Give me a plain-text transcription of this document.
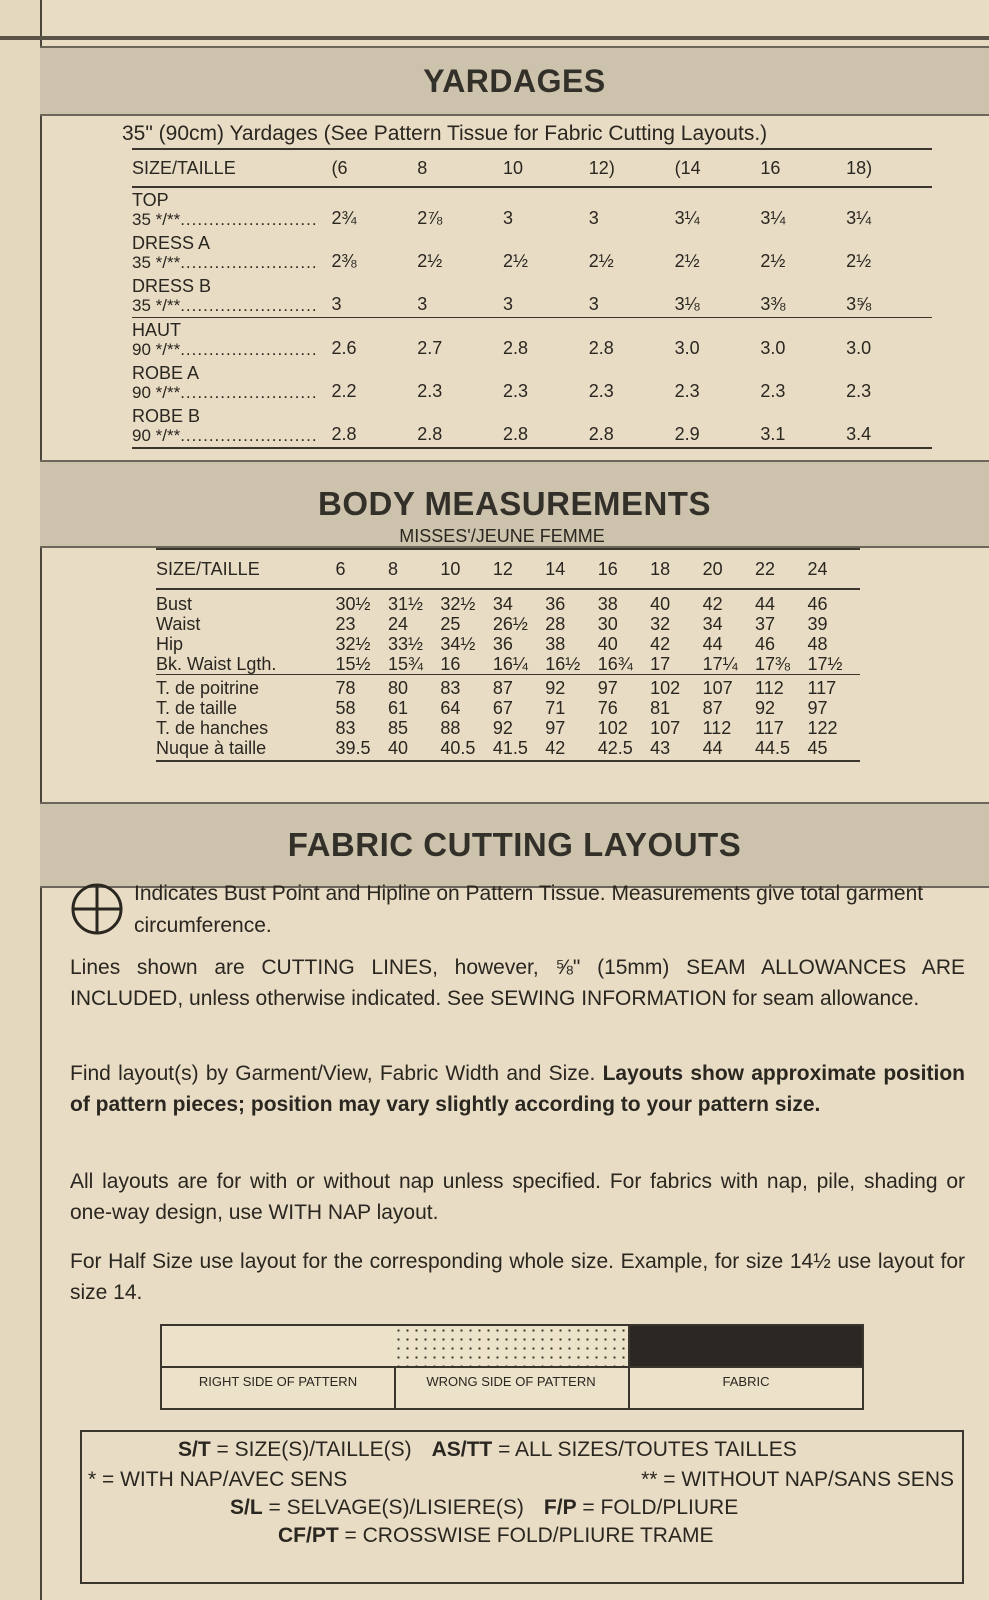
YARDAGES
35" (90cm) Yardages (See Pattern Tissue for Fabric Cutting Layouts.)
SIZE/TAILLE	(6	8	10	12)	(14	16	18)

TOP
35 */**........................	2¾	2⅞	3	3	3¼	3¼	3¼

DRESS A
35 */**........................	2⅜	2½	2½	2½	2½	2½	2½

DRESS B
35 */**........................	3	3	3	3	3⅛	3⅜	3⅝

HAUT
90 */**........................	2.6	2.7	2.8	2.8	3.0	3.0	3.0

ROBE A
90 */**........................	2.2	2.3	2.3	2.3	2.3	2.3	2.3

ROBE B
90 */**........................	2.8	2.8	2.8	2.8	2.9	3.1	3.4
BODY MEASUREMENTS
MISSES'/JEUNE FEMME
SIZE/TAILLE	6	8	10	12	14	16	18	20	22	24
Bust	30½	31½	32½	34	36	38	40	42	44	46
Waist	23	24	25	26½	28	30	32	34	37	39
Hip	32½	33½	34½	36	38	40	42	44	46	48
Bk. Waist Lgth.	15½	15¾	16	16¼	16½	16¾	17	17¼	17⅜	17½
T. de poitrine	78	80	83	87	92	97	102	107	112	117
T. de taille	58	61	64	67	71	76	81	87	92	97
T. de hanches	83	85	88	92	97	102	107	112	117	122
Nuque à taille	39.5	40	40.5	41.5	42	42.5	43	44	44.5	45
FABRIC CUTTING LAYOUTS
Indicates Bust Point and Hipline on Pattern Tissue. Measurements give total garment circumference.
Lines shown are CUTTING LINES, however, ⅝" (15mm) SEAM ALLOWANCES ARE INCLUDED, unless otherwise indicated. See SEWING INFORMATION for seam allowance.
Find layout(s) by Garment/View, Fabric Width and Size. Layouts show approximate position of pattern pieces; position may vary slightly according to your pattern size.
All layouts are for with or without nap unless specified. For fabrics with nap, pile, shading or one-way design, use WITH NAP layout.
For Half Size use layout for the corresponding whole size. Example, for size 14½ use layout for size 14.
RIGHT SIDE OF PATTERN	WRONG SIDE OF PATTERN	FABRIC
S/T = SIZE(S)/TAILLE(S) AS/TT = ALL SIZES/TOUTES TAILLES
* = WITH NAP/AVEC SENS	** = WITHOUT NAP/SANS SENS
S/L = SELVAGE(S)/LISIERE(S) F/P = FOLD/PLIURE
CF/PT = CROSSWISE FOLD/PLIURE TRAME
